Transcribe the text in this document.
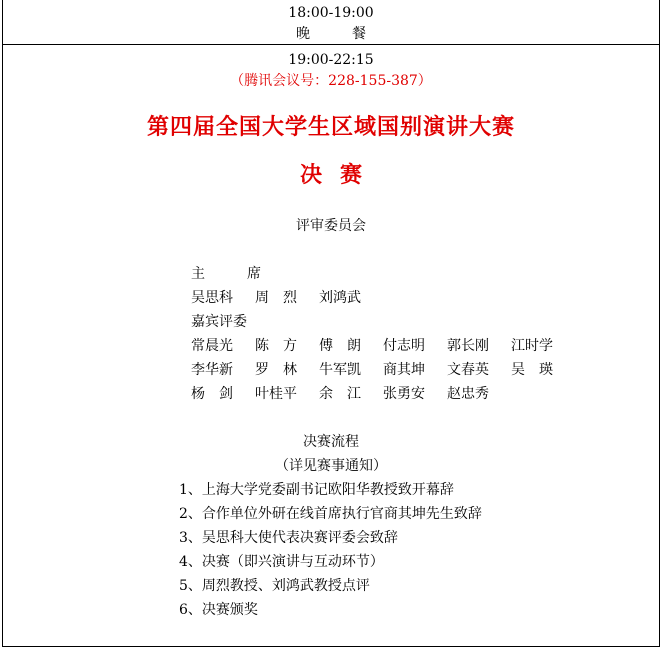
18:00-19:00
晚　餐
19:00-22:15
（腾讯会议号：228-155-387）
第四届全国大学生区域国别演讲大赛
决赛
评审委员会
主　席
吴思科 周　烈 刘鸿武
嘉宾评委
常晨光 陈　方 傅　朗 付志明 郭长刚 江时学
李华新 罗　林 牛军凯 商其坤 文春英 吴　瑛
杨　剑 叶桂平 余　江 张勇安 赵忠秀
决赛流程
（详见赛事通知）
1、上海大学党委副书记欧阳华教授致开幕辞
2、合作单位外研在线首席执行官商其坤先生致辞
3、吴思科大使代表决赛评委会致辞
4、决赛（即兴演讲与互动环节）
5、周烈教授、刘鸿武教授点评
6、决赛颁奖
